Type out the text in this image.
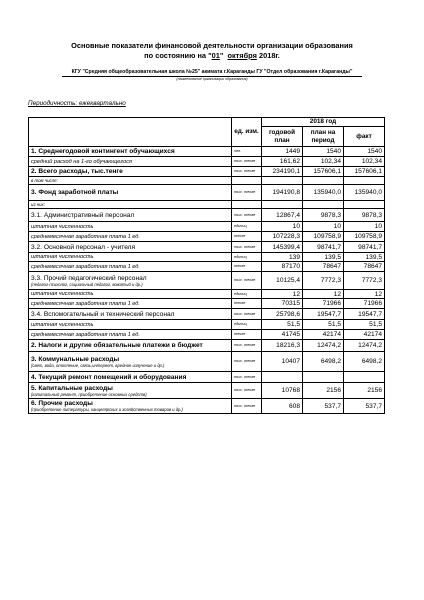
Основные показатели финансовой деятельности организации образования
по состоянию на "01" октября 2018г.
КГУ "Средняя общеобразовательная школа №25" акимата г.Караганды ГУ "Отдел образования г.Караганды"
(наименование организации образования)
Периодичность: ежеквартально
	ед. изм.	2018 год		
		годовой план	план на период	факт
1. Среднегодовой контингент обучающихся	чел.	1449	1540	1540
средний расход на 1-го обучающегося	тыс. тенге	161,62	102,34	102,34
2. Всего расходы, тыс.тенге	тыс. тенге	234190,1	157606,1	157606,1
в том числе:				
3. Фонд заработной платы	тыс. тенге	194190,8	135940,0	135940,0
из них:				
3.1. Административный персонал	тыс. тенге	12867,4	9878,3	9878,3
штатная численность	единиц	10	10	10
среднемесячная заработная плата 1 ед.	тенге	107228,3	109758,9	109758,9
3.2. Основной персонал - учителя	тыс. тенге	145399,4	98741,7	98741,7
штатная численность	единиц	139	139,5	139,5
среднемесячная заработная плата 1 ед.	тенге	87170	78647	78647
3.3. Прочий педагогический персонал
(педагог-психолог, социальный педагог, вожатый и др.)	тыс. тенге	10125,4	7772,3	7772,3
штатная численность	единиц	12	12	12
среднемесячная заработная плата 1 ед.	тенге	70315	71966	71966
3.4. Вспомогательный и технический персонал	тыс. тенге	25798,6	19547,7	19547,7
штатная численность	единиц	51,5	51,5	51,5
среднемесячная заработная плата 1 ед.	тенге	41745	42174	42174
2. Налоги и другие обязательные платежи в бюджет	тыс. тенге	18216,3	12474,2	12474,2
3. Коммунальные расходы
(свет, вода, отопление, связь,интернет, вредное излучение и др.)	тыс. тенге	10407	6498,2	6498,2
4. Текущий ремонт помещений и оборудования	тыс. тенге			
5. Капитальные расходы
(капитальный ремонт, приобретение основных средств)	тыс. тенге	10768	2156	2156
6. Прочие расходы
(приобретение литературы, канцелярских и хозяйственных товаров и др.)	тыс. тенге	608	537,7	537,7
